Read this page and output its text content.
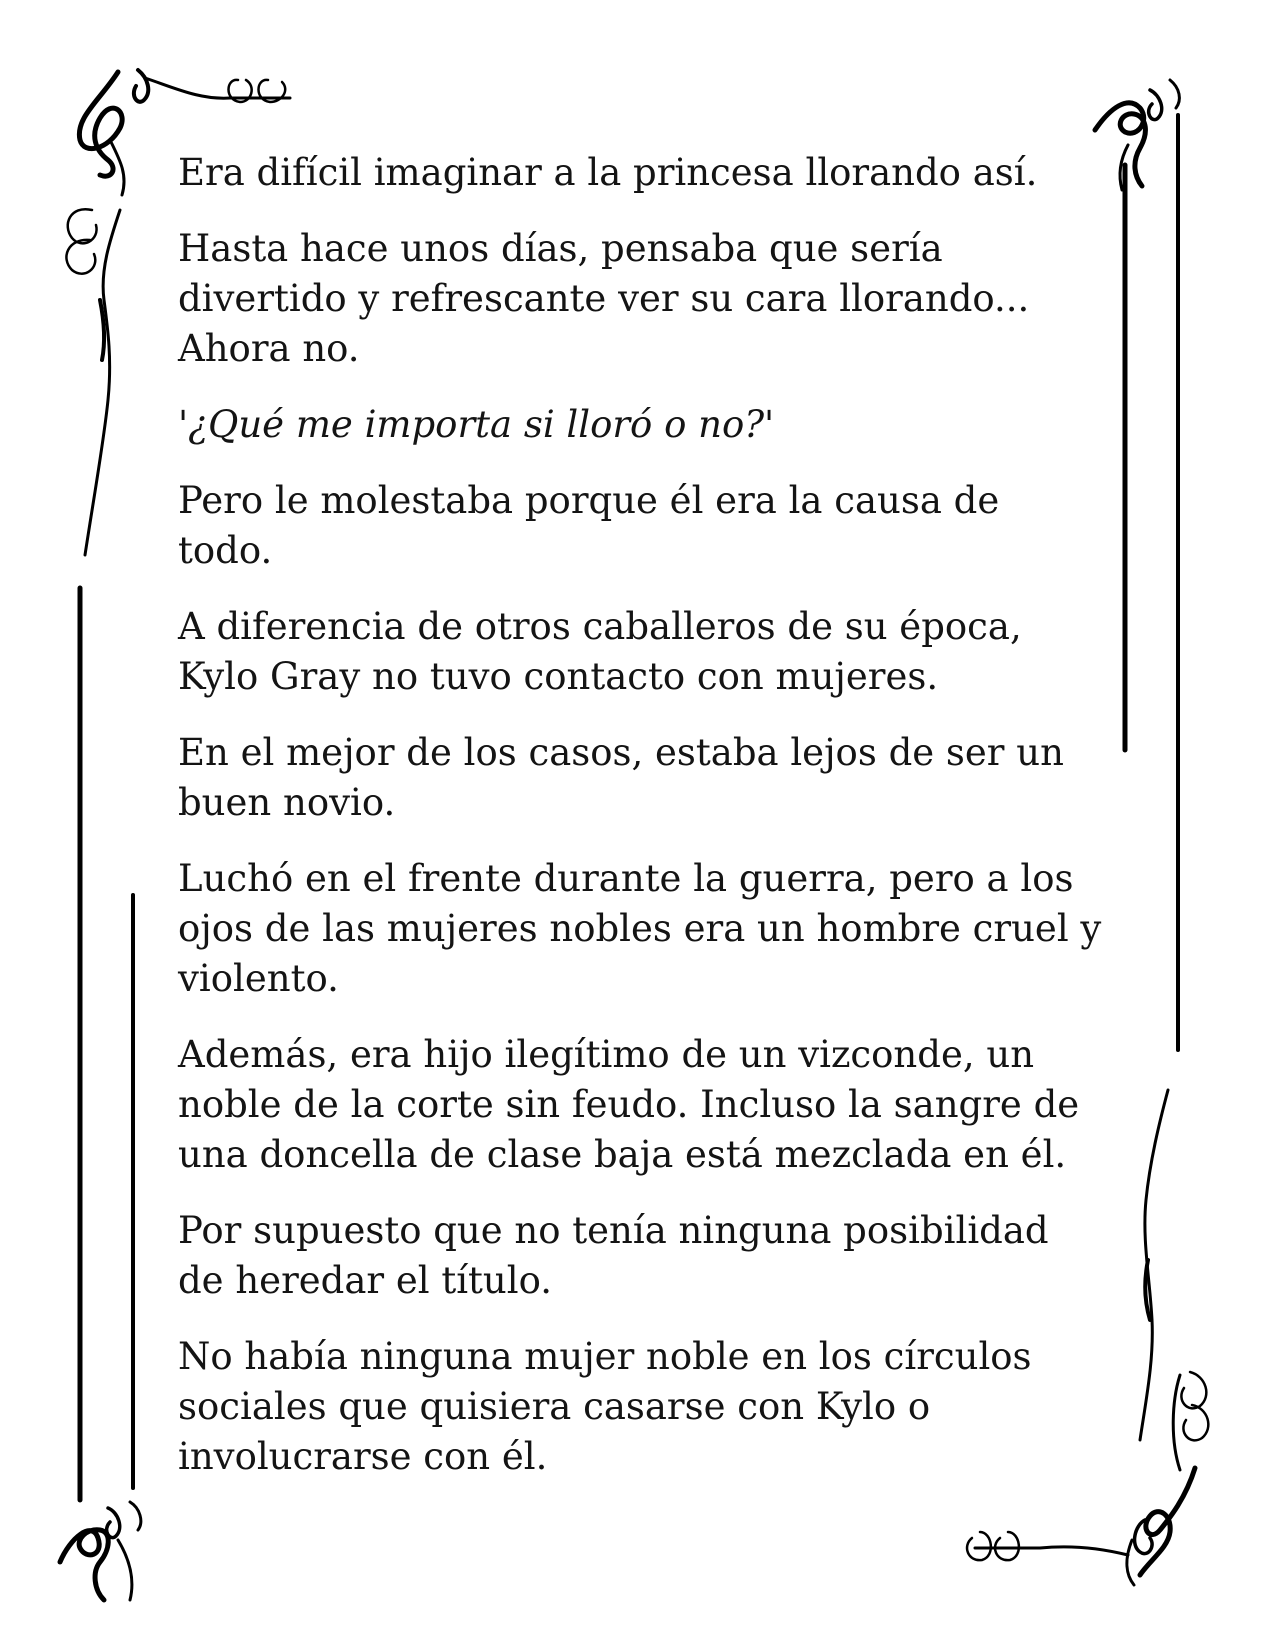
Era difícil imaginar a la princesa llorando así.

Hasta hace unos días, pensaba que sería divertido y refrescante ver su cara llorando... Ahora no.

'¿Qué me importa si lloró o no?'

Pero le molestaba porque él era la causa de todo.

A diferencia de otros caballeros de su época, Kylo Gray no tuvo contacto con mujeres.

En el mejor de los casos, estaba lejos de ser un buen novio.

Luchó en el frente durante la guerra, pero a los ojos de las mujeres nobles era un hombre cruel y violento.

Además, era hijo ilegítimo de un vizconde, un noble de la corte sin feudo. Incluso la sangre de una doncella de clase baja está mezclada en él.

Por supuesto que no tenía ninguna posibilidad de heredar el título.

No había ninguna mujer noble en los círculos sociales que quisiera casarse con Kylo o involucrarse con él.
